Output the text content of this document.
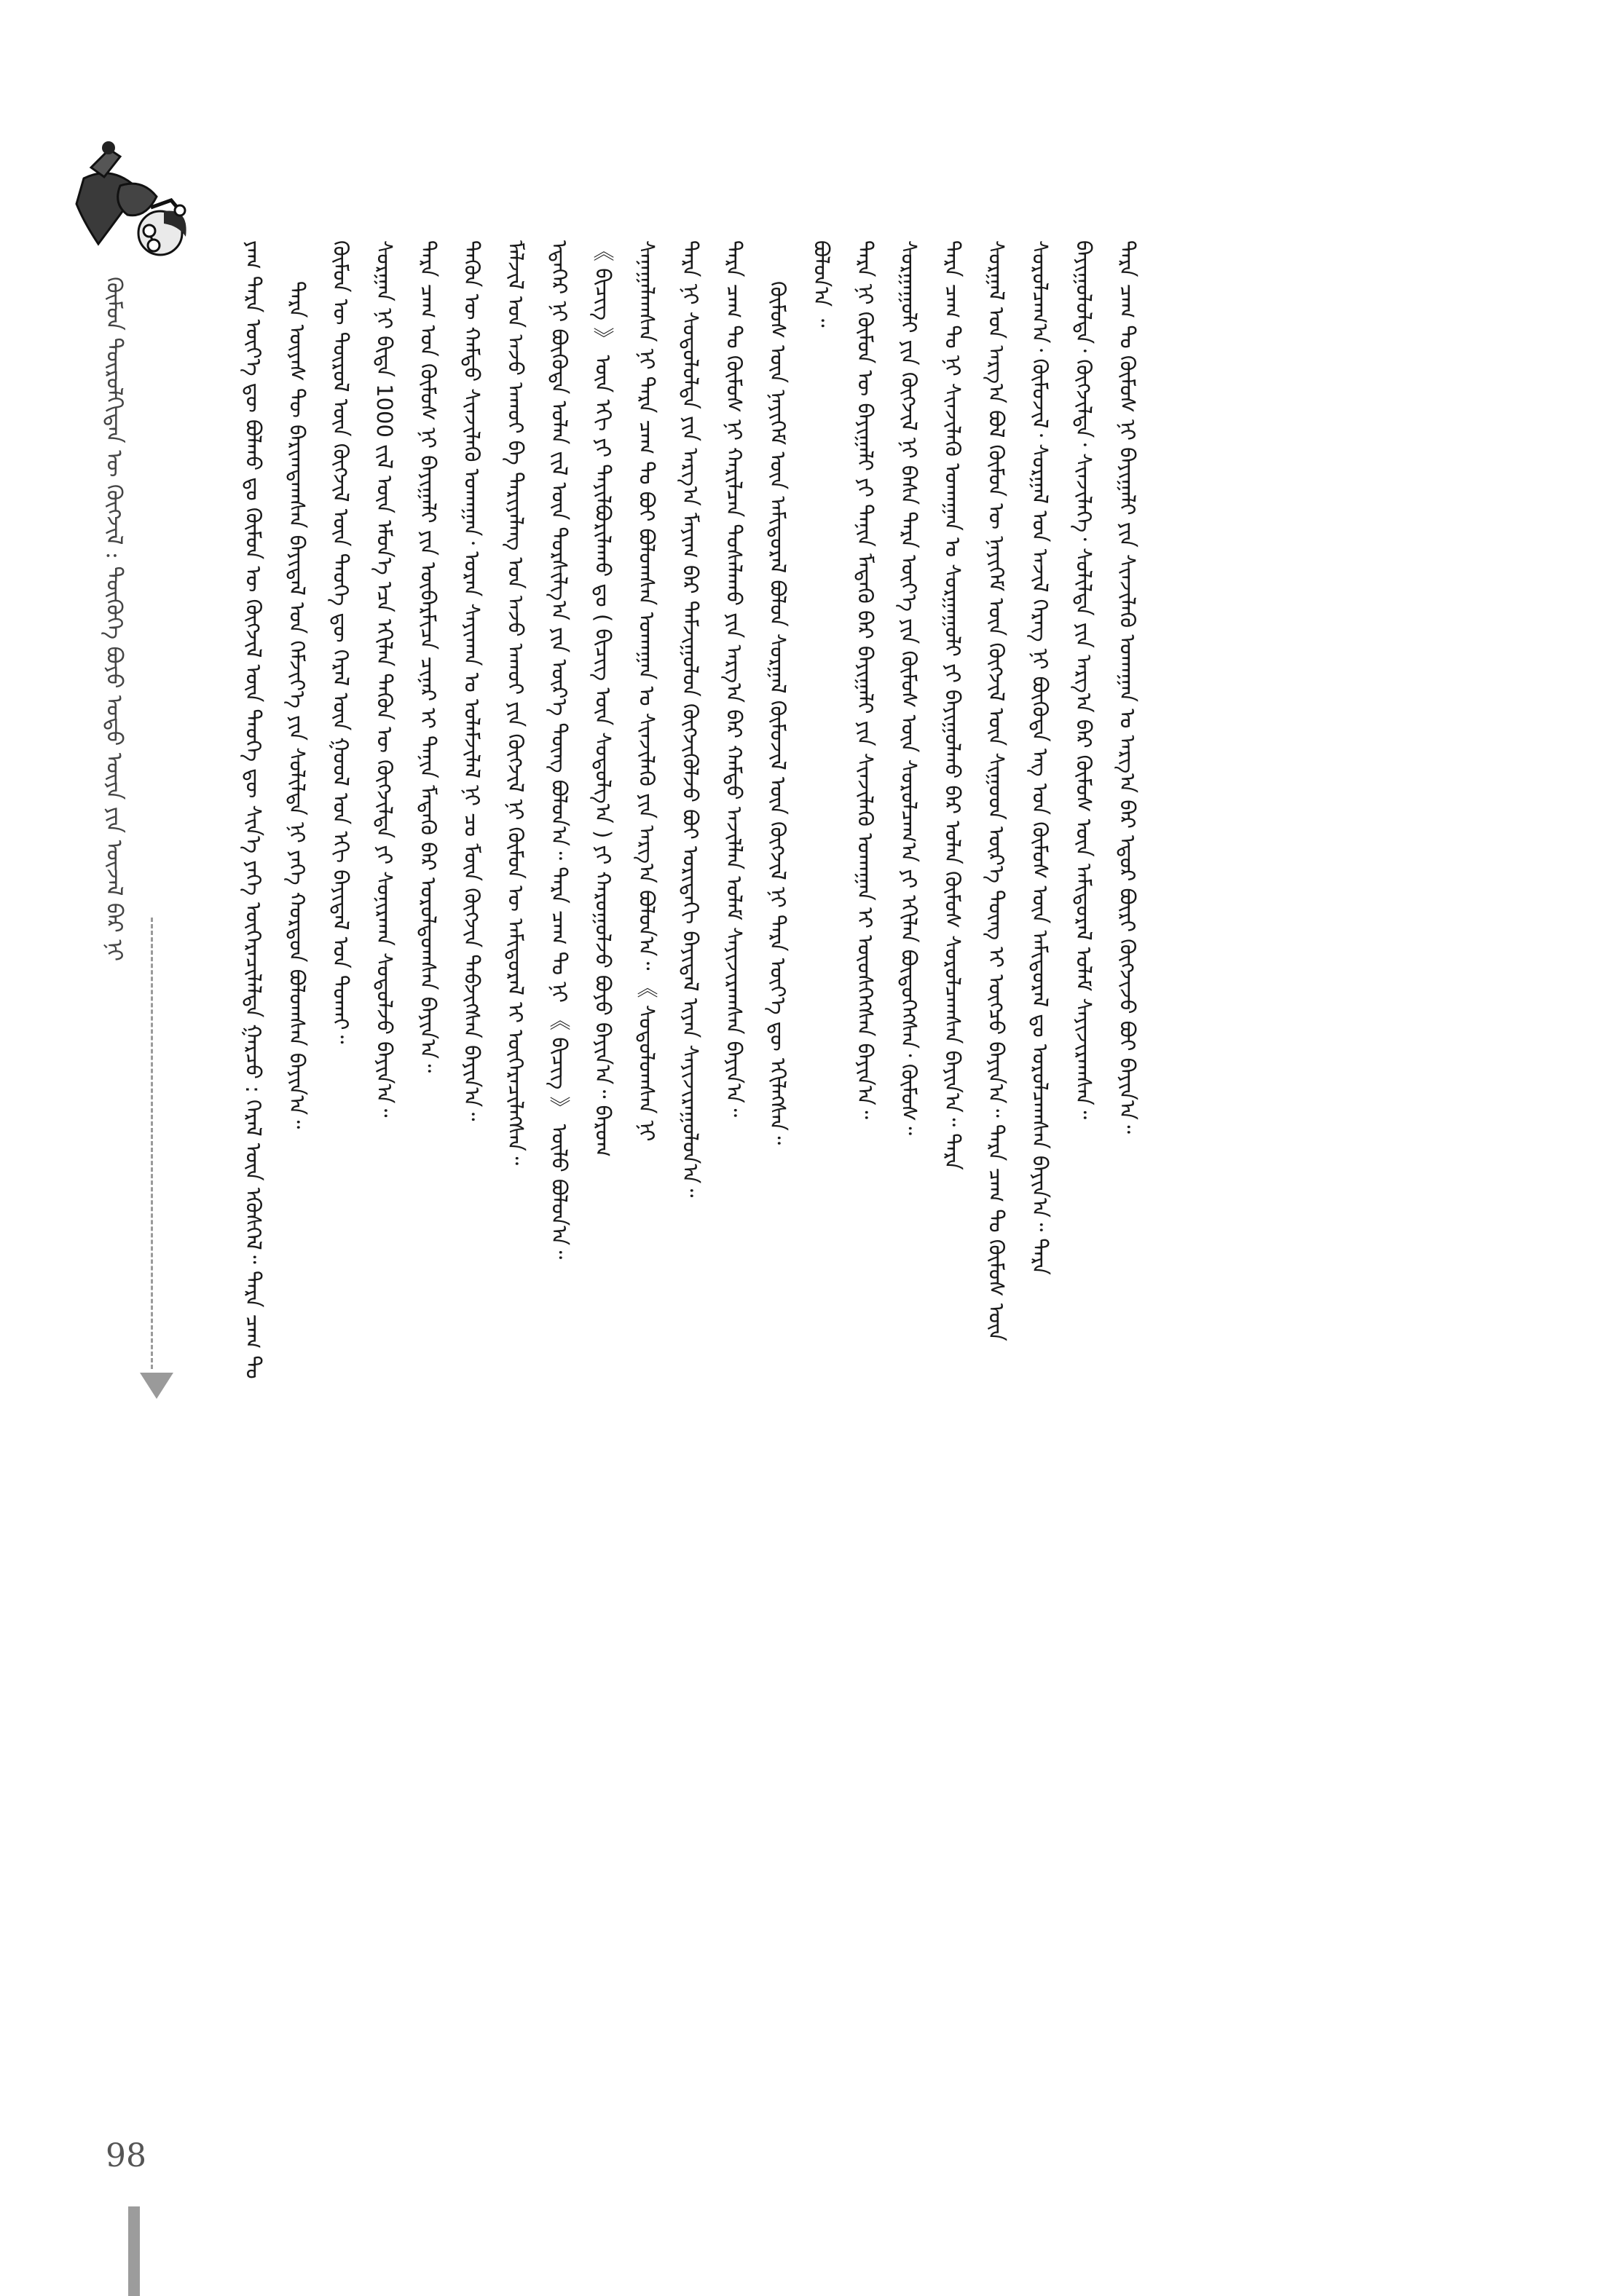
ᠬᠦᠮᠦᠨ ᠲᠥᠷᠦᠯᠬᠢᠲᠡᠨ ᠦ ᠬᠥᠭᠵᠢᠯ : ᠲᠦᠭᠦᠬᠡ ᠪᠤᠶᠤ ᠣᠳᠣ ᠦᠶᠡ ᠶᠢᠨ ᠦᠵᠡᠯ ᠪᠠᠷ ᠨᠢ
98
ᠶᠠᠭ ᠲᠡᠷᠡ ᠦᠶ᠎ᠡ ᠳᠦ ᠪᠣᠯᠬᠤ ᠳᠤ ᠬᠦᠮᠦᠨ ᠦ ᠬᠥᠭᠵᠢᠯ ᠦᠨ ᠲᠡᠦᠬᠡ ᠳᠦ ᠰᠢᠨ᠎ᠡ ᠶᠡᠬᠡ ᠥᠭᠡᠷᠡᠴᠢᠯᠡᠯᠲᠡ ᠭᠠᠷᠴᠤ : ᠭᠡᠷᠡᠯ ᠦᠨ ᠡᠭᠦᠰᠬᠡᠯ᠃ ᠲᠡᠷᠡ ᠴᠠᠭ ᠲᠤ ᠲᠡᠷᠡ ᠦᠶᠡᠰ ᠲᠦ ᠪᠠᠷᠢᠭᠳᠠᠭᠰᠠᠨ ᠪᠠᠶᠢᠳᠠᠯ ᠤᠨ ᠬᠡᠮᠵᠢᠶ᠎ᠡ ᠶᠢᠨ ᠰᠣᠯᠢᠯᠲᠠ ᠨᠢ ᠶᠡᠬᠡ ᠬᠤᠷᠳᠤᠨ ᠪᠣᠯᠤᠭᠰᠠᠨ ᠪᠠᠶᠢᠨ᠎ᠠ᠃ ᠬᠦᠮᠦᠨ ᠦ ᠲᠥᠷᠦᠯ ᠦᠨ ᠬᠥᠭᠵᠢᠯ ᠦᠨ ᠲᠡᠦᠬᠡ ᠳᠦ ᠭᠡᠷᠡᠯ ᠦᠨ ᠭᠣᠤᠯ ᠤᠨ ᠡᠬᠢ ᠪᠠᠶᠢᠳᠠᠯ ᠤᠨ ᠲᠤᠬᠠᠢ᠃ ᠰᠤᠷᠭᠠᠨ ᠨᠢ ᠪᠢᠳᠡ 1000 ᠵᠢᠯ ᠦᠨ ᠡᠮᠦᠨ᠎ᠡ ᠡᠴᠡ ᠡᠬᠢᠯᠡᠨ ᠲᠡᠭᠦᠨ ᠦ ᠬᠥᠭᠵᠢᠯᠲᠡ ᠶᠢ ᠰᠣᠨᠢᠷᠬᠠᠨ ᠰᠤᠳᠤᠯᠵᠤ ᠪᠠᠶᠢᠨ᠎ᠠ᠃ ᠲᠡᠷᠡ ᠴᠠᠭ ᠤᠨ ᠬᠦᠮᠦᠰ ᠨᠢ ᠪᠠᠶᠢᠭᠠᠯᠢ ᠶᠢᠨ ᠥᠪᠡᠷᠮᠢᠴᠡ ᠴᠢᠨᠠᠷ ᠢ ᠲᠠᠨᠢᠨ ᠮᠡᠳᠡᠬᠦ ᠪᠡᠷ ᠣᠷᠣᠯᠳᠤᠭᠰᠠᠨ ᠪᠠᠶᠢᠨ᠎ᠠ᠃ ᠲᠡᠭᠦᠨ ᠦ ᠬᠠᠮᠲᠤ ᠰᠢᠨᠵᠢᠯᠡᠬᠦ ᠤᠬᠠᠭᠠᠨ᠂ ᠤᠷᠠᠨ ᠰᠠᠶᠢᠬᠠᠨ ᠤ ᠤᠯᠠᠮᠵᠢᠯᠠᠯ ᠨᠢ ᠴᠤ ᠮᠥᠨ ᠬᠥᠭᠵᠢᠨ ᠳᠡᠪᠵᠢᠭᠰᠡᠨ ᠪᠠᠶᠢᠨ᠎ᠠ᠃ ᠮᠠᠯᠵᠢᠯ ᠤᠨ ᠠᠵᠤ ᠠᠬᠤᠢ ᠪᠠ ᠲᠠᠷᠢᠶᠠᠯᠠᠩ ᠤᠨ ᠠᠵᠤ ᠠᠬᠤᠢ ᠶᠢᠨ ᠬᠥᠭᠵᠢᠯ ᠨᠢ ᠬᠦᠮᠦᠨ ᠦ ᠠᠮᠢᠳᠤᠷᠠᠯ ᠢ ᠥᠭᠡᠷᠡᠴᠢᠯᠡᠭᠰᠡᠨ᠃ ᠡᠳᠡᠭᠡᠷ ᠨᠢ ᠪᠦᠭᠦᠳᠡ ᠣᠯᠠᠨ ᠵᠢᠯ ᠦᠨ ᠲᠤᠷᠰᠢᠯᠭ᠎ᠠ ᠶᠢᠨ ᠦᠷ᠎ᠡ ᠳᠦᠩ ᠪᠣᠯᠤᠨ᠎ᠠ᠃ ᠲᠡᠷᠡ ᠴᠠᠭ ᠲᠤ ᠨᠢ 《 ᠪᠢᠴᠢᠭ 》 ᠦᠯᠦ ᠪᠣᠯᠤᠨ᠎ᠠ᠃ 《 ᠪᠢᠴᠢᠭ 》 ᠦᠨ ᠡᠬᠢ ᠶᠢ ᠲᠠᠶᠢᠯᠪᠤᠷᠢᠯᠠᠬᠤ ᠳᠤ ( ᠪᠢᠴᠢᠭ ᠦᠨ ᠰᠤᠳᠤᠯᠭ᠎ᠠ ) ᠶᠢ ᠬᠠᠷᠤᠭᠤᠯᠵᠤ ᠪᠤᠶᠤ ᠪᠠᠶᠢᠨ᠎ᠠ᠃ ᠪᠠᠷᠤᠭ ᠰᠠᠨᠠᠭᠠᠯᠠᠭᠰᠠᠨ ᠨᠢ ᠲᠡᠷᠡ ᠴᠠᠭ ᠲᠤ ᠪᠤᠢ ᠪᠣᠯᠤᠭᠰᠠᠨ ᠤᠬᠠᠭᠠᠨ ᠤ ᠰᠢᠨᠵᠢᠯᠡᠬᠦ ᠶᠢᠨ ᠠᠷᠭ᠎ᠠ ᠪᠣᠯᠤᠨ᠎ᠠ᠃ 《 ᠰᠤᠳᠤᠯᠤᠭᠰᠠᠨ ᠨᠢ ᠲᠡᠷᠡ ᠨᠢ ᠰᠤᠳᠤᠯᠤᠯᠲᠠ ᠶᠢᠨ ᠠᠷᠭ᠎ᠠ ᠮᠠᠶᠢᠭ ᠪᠠᠷ ᠳᠠᠮᠵᠢᠭᠤᠯᠤᠨ ᠬᠥᠭᠵᠢᠭᠦᠯᠵᠦ ᠪᠤᠢ ᠤᠷᠢᠳᠠᠬᠢ ᠪᠠᠶᠢᠳᠠᠯ ᠢᠶᠠᠨ ᠰᠠᠶᠢᠵᠢᠷᠠᠭᠤᠯᠤᠨ᠎ᠠ᠃ ᠲᠡᠷᠡ ᠴᠠᠭ ᠲᠤ ᠬᠦᠮᠦᠰ ᠨᠢ ᠬᠠᠷᠢᠯᠴᠠᠨ ᠲᠤᠰᠠᠯᠠᠬᠤ ᠶᠢᠨ ᠠᠷᠭ᠎ᠠ ᠪᠠᠷ ᠬᠠᠮᠲᠤ ᠠᠵᠢᠯᠯᠠᠨ ᠤᠯᠠᠮ ᠰᠠᠶᠢᠵᠢᠷᠠᠭᠰᠠᠨ ᠪᠠᠶᠢᠨ᠎ᠠ᠃ ᠬᠦᠮᠦᠰ ᠦᠨ ᠨᠡᠶᠢᠭᠡᠮ ᠦᠨ ᠠᠮᠢᠳᠤᠷᠠᠯ ᠪᠣᠯᠤᠨ ᠰᠤᠷᠭᠠᠯ ᠬᠥᠮᠦᠵᠢᠯ ᠦᠨ ᠬᠥᠭᠵᠢᠯ ᠨᠢ ᠲᠡᠷᠡ ᠦᠶ᠎ᠡ ᠳᠦ ᠡᠬᠢᠯᠡᠭᠰᠡᠨ᠃ ᠪᠣᠯᠤᠨ᠎ᠠ ᠃ ᠲᠡᠷᠡ ᠨᠢ ᠬᠦᠮᠦᠨ ᠦ ᠪᠠᠶᠢᠭᠠᠯᠢ ᠶᠢ ᠲᠠᠨᠢᠨ ᠮᠡᠳᠡᠬᠦ ᠪᠡᠷ ᠪᠠᠶᠢᠭᠠᠯᠢ ᠶᠢᠨ ᠰᠢᠨᠵᠢᠯᠡᠬᠦ ᠤᠬᠠᠭᠠᠨ ᠢ ᠦᠦᠰᠬᠡᠭᠰᠡᠨ ᠪᠠᠶᠢᠨ᠎ᠠ᠃ ᠰᠤᠷᠭᠠᠭᠤᠯᠢ ᠶᠢᠨ ᠬᠥᠭᠵᠢᠯ ᠨᠢ ᠪᠠᠰᠠ ᠲᠡᠷᠡ ᠦᠶ᠎ᠡ ᠶᠢᠨ ᠬᠦᠮᠦᠰ ᠦᠨ ᠰᠤᠷᠤᠯᠴᠠᠭ᠎ᠠ ᠶᠢ ᠡᠬᠢᠯᠡᠨ ᠪᠦᠲᠦᠭᠡᠭᠰᠡᠨ᠂ ᠬᠦᠮᠦᠰ᠃ ᠲᠡᠷᠡ ᠴᠠᠭ ᠲᠤ ᠨᠢ ᠰᠢᠨᠵᠢᠯᠡᠬᠦ ᠤᠬᠠᠭᠠᠨ ᠤ ᠰᠤᠷᠭᠠᠭᠤᠯᠢ ᠶᠢ ᠪᠠᠶᠢᠭᠤᠯᠬᠤ ᠪᠠᠷ ᠣᠯᠠᠨ ᠬᠦᠮᠦᠰ ᠰᠤᠷᠤᠯᠴᠠᠭᠰᠠᠨ ᠪᠠᠶᠢᠨ᠎ᠠ᠃ ᠲᠡᠷᠡ ᠰᠤᠷᠭᠠᠯ ᠤᠨ ᠠᠷᠭ᠎ᠠ ᠪᠣᠯ ᠬᠦᠮᠦᠨ ᠦ ᠨᠡᠶᠢᠭᠡᠮ ᠦᠨ ᠬᠥᠭᠵᠢᠯ ᠦᠨ ᠰᠢᠭᠤᠳ ᠦᠷ᠎ᠡ ᠳᠦᠩ ᠢ ᠥᠭᠴᠦ ᠪᠠᠶᠢᠨ᠎ᠠ᠃ ᠲᠡᠷᠡ ᠴᠠᠭ ᠲᠤ ᠬᠦᠮᠦᠰ ᠦᠨ ᠰᠤᠷᠤᠯᠴᠠᠭ᠎ᠠ᠂ ᠬᠥᠮᠦᠵᠢᠯ᠂ ᠰᠤᠷᠭᠠᠯ ᠤᠨ ᠠᠵᠢᠯ ᠬᠡᠷᠡᠭ ᠨᠢ ᠪᠦᠭᠦᠳᠡ ᠡᠩ ᠤᠨ ᠬᠦᠮᠦᠰ ᠦᠨ ᠠᠮᠢᠳᠤᠷᠠᠯ ᠳᠤ ᠣᠷᠣᠯᠴᠠᠭᠰᠠᠨ ᠪᠠᠶᠢᠨ᠎ᠠ᠃ ᠲᠡᠷᠡ ᠪᠠᠶᠢᠭᠤᠯᠤᠯᠲᠠ᠂ ᠬᠥᠭᠵᠢᠯᠲᠡ᠂ ᠰᠢᠨᠵᠢᠯᠡᠭᠡ᠂ ᠰᠣᠯᠢᠯᠲᠠ ᠶᠢᠨ ᠠᠷᠭ᠎ᠠ ᠪᠠᠷ ᠬᠦᠮᠦᠰ ᠦᠨ ᠠᠮᠢᠳᠤᠷᠠᠯ ᠤᠯᠠᠮ ᠰᠠᠶᠢᠵᠢᠷᠠᠭᠰᠠᠨ᠃ ᠲᠡᠷᠡ ᠴᠠᠭ ᠲᠤ ᠬᠦᠮᠦᠰ ᠨᠢ ᠪᠠᠶᠢᠭᠠᠯᠢ ᠶᠢᠨ ᠰᠢᠨᠵᠢᠯᠡᠬᠦ ᠤᠬᠠᠭᠠᠨ ᠤ ᠠᠷᠭ᠎ᠠ ᠪᠠᠷ ᠡᠳᠦᠷ ᠪᠦᠷᠢ ᠬᠥᠭᠵᠢᠵᠦ ᠪᠤᠢ ᠪᠠᠶᠢᠨ᠎ᠠ᠃
